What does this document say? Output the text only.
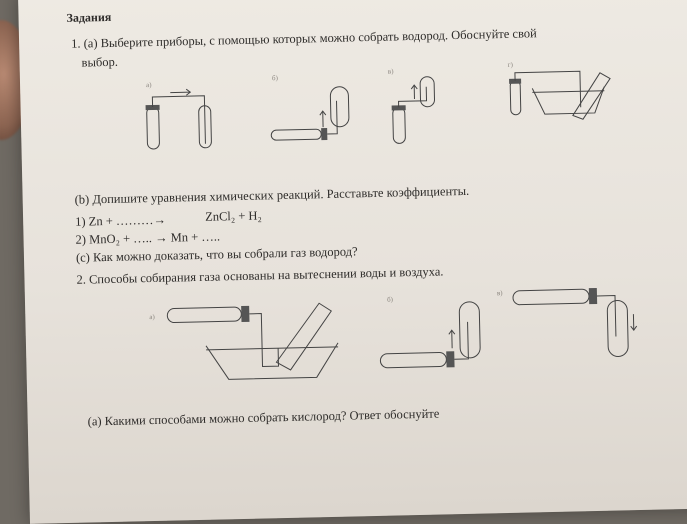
Задания
1. (а) Выберите приборы, с помощью которых можно собрать водород. Обоснуйте свой
выбор.
а)
б)
в)
г)
(b) Допишите уравнения химических реакций. Расставьте коэффициенты.
1) Zn + ………→	ZnCl₂ + H₂
2) MnO₂ + ….. → Mn + …..
(c) Как можно доказать, что вы собрали газ водород?
2. Способы собирания газа основаны на вытеснении воды и воздуха.
а)
б)
в)
(а) Какими способами можно собрать кислород? Ответ обоснуйте
